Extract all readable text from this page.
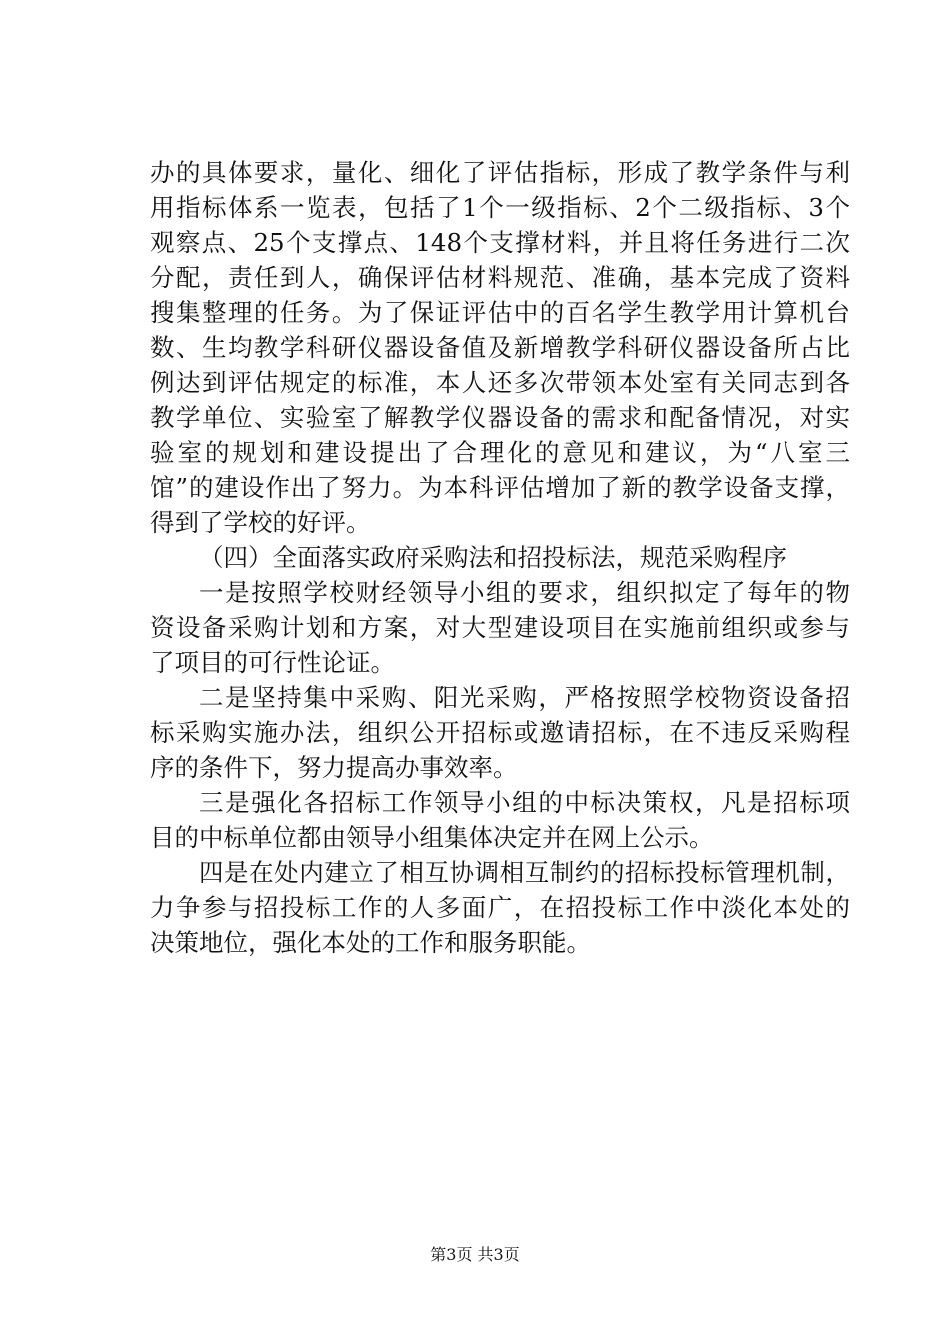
办的具体要求，量化、细化了评估指标，形成了教学条件与利
用指标体系一览表，包括了1个一级指标、2个二级指标、3个
观察点、25个支撑点、148个支撑材料，并且将任务进行二次
分配，责任到人，确保评估材料规范、准确，基本完成了资料
搜集整理的任务。为了保证评估中的百名学生教学用计算机台
数、生均教学科研仪器设备值及新增教学科研仪器设备所占比
例达到评估规定的标准，本人还多次带领本处室有关同志到各
教学单位、实验室了解教学仪器设备的需求和配备情况，对实
验室的规划和建设提出了合理化的意见和建议，为“八室三
馆”的建设作出了努力。为本科评估增加了新的教学设备支撑，
得到了学校的好评。
（四）全面落实政府采购法和招投标法，规范采购程序
一是按照学校财经领导小组的要求，组织拟定了每年的物
资设备采购计划和方案，对大型建设项目在实施前组织或参与
了项目的可行性论证。
二是坚持集中采购、阳光采购，严格按照学校物资设备招
标采购实施办法，组织公开招标或邀请招标，在不违反采购程
序的条件下，努力提高办事效率。
三是强化各招标工作领导小组的中标决策权，凡是招标项
目的中标单位都由领导小组集体决定并在网上公示。
四是在处内建立了相互协调相互制约的招标投标管理机制，
力争参与招投标工作的人多面广，在招投标工作中淡化本处的
决策地位，强化本处的工作和服务职能。
第3页 共3页
